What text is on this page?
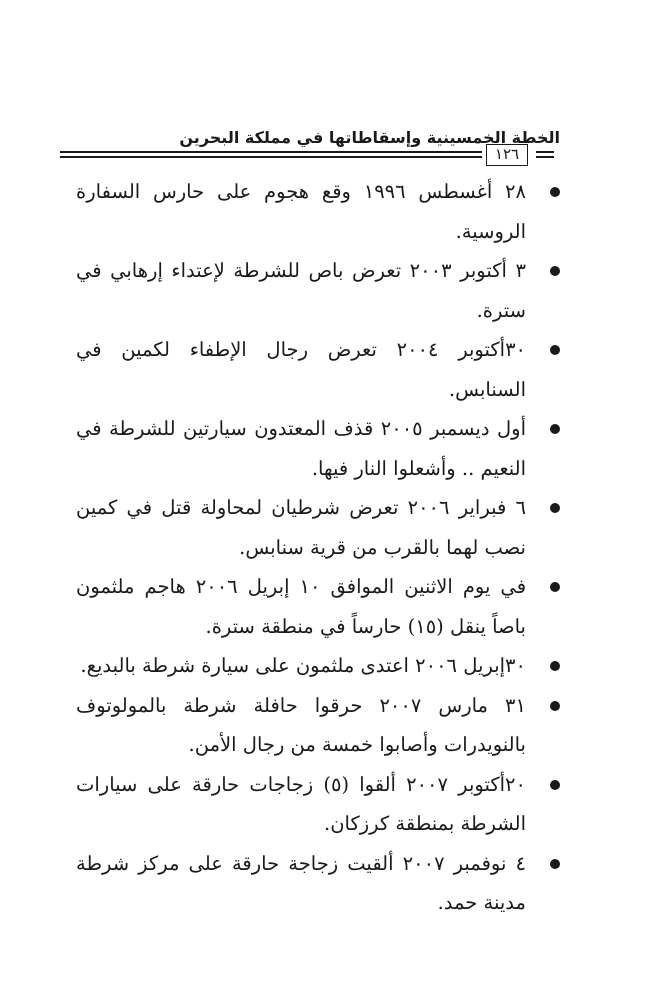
الخطة الخمسينية وإسقاطاتها في مملكة البحرين
١٢٦
٢٨ أغسطس ١٩٩٦ وقع هجوم على حارس السفارة الروسية.
٣ أكتوبر ٢٠٠٣ تعرض باص للشرطة لإعتداء إرهابي في سترة.
٣٠أكتوبر ٢٠٠٤ تعرض رجال الإطفاء لكمين في السنابس.
أول ديسمبر ٢٠٠٥ قذف المعتدون سيارتين للشرطة في النعيم .. وأشعلوا النار فيها.
٦ فبراير ٢٠٠٦ تعرض شرطيان لمحاولة قتل في كمين نصب لهما بالقرب من قرية سنابس.
في يوم الاثنين الموافق ١٠ إبريل ٢٠٠٦ هاجم ملثمون باصاً ينقل (١٥) حارساً في منطقة سترة.
٣٠إبريل ٢٠٠٦ اعتدى ملثمون على سيارة شرطة بالبديع.
٣١ مارس ٢٠٠٧ حرقوا حافلة شرطة بالمولوتوف بالنويدرات وأصابوا خمسة من رجال الأمن.
٢٠أكتوبر ٢٠٠٧ ألقوا (٥) زجاجات حارقة على سيارات الشرطة بمنطقة كرزكان.
٤ نوفمبر ٢٠٠٧ ألقيت زجاجة حارقة على مركز شرطة مدينة حمد.
